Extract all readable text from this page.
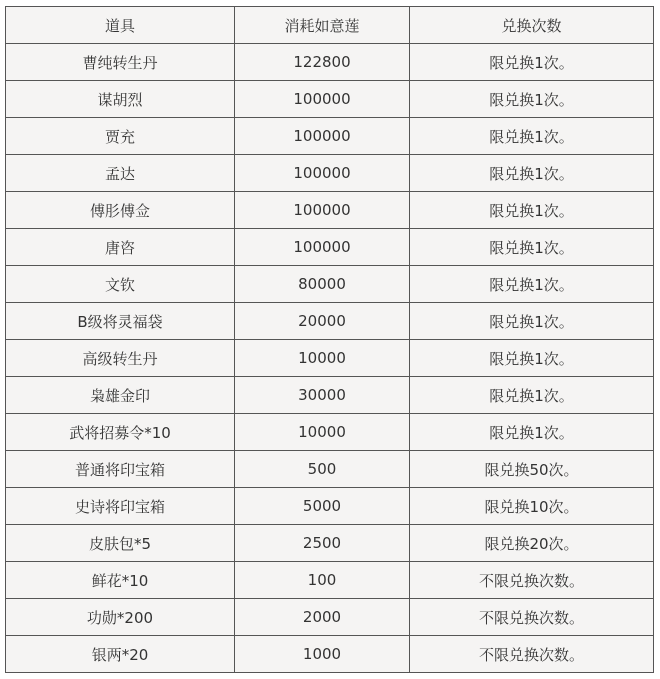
道具	消耗如意莲	兑换次数
曹纯转生丹	122800	限兑换1次。
谋胡烈	100000	限兑换1次。
贾充	100000	限兑换1次。
孟达	100000	限兑换1次。
傅肜傅佥	100000	限兑换1次。
唐咨	100000	限兑换1次。
文钦	80000	限兑换1次。
B级将灵福袋	20000	限兑换1次。
高级转生丹	10000	限兑换1次。
枭雄金印	30000	限兑换1次。
武将招募令*10	10000	限兑换1次。
普通将印宝箱	500	限兑换50次。
史诗将印宝箱	5000	限兑换10次。
皮肤包*5	2500	限兑换20次。
鲜花*10	100	不限兑换次数。
功勋*200	2000	不限兑换次数。
银两*20	1000	不限兑换次数。
